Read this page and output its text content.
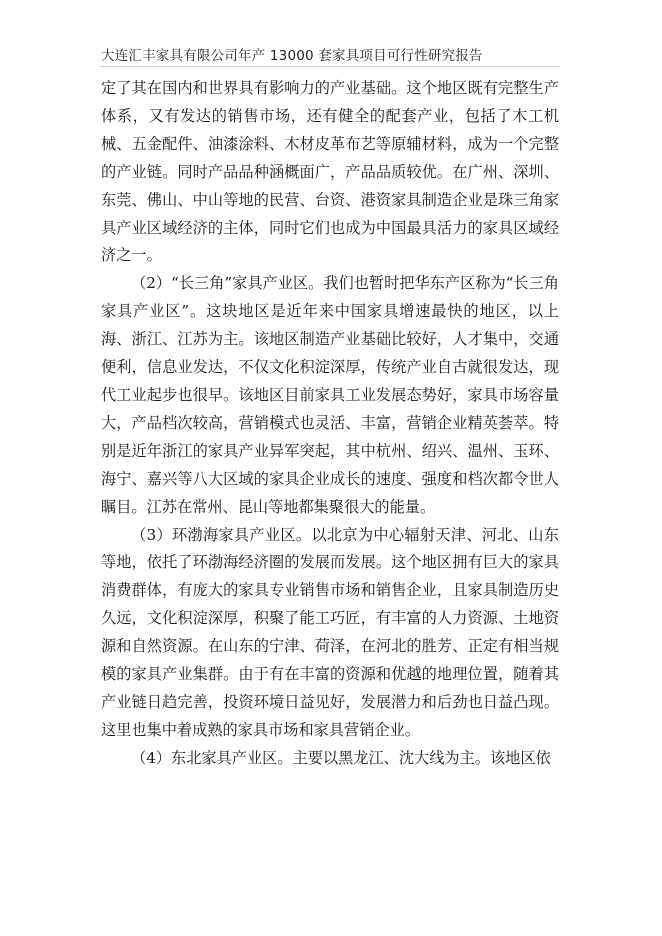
大连汇丰家具有限公司年产 13000 套家具项目可行性研究报告

定了其在国内和世界具有影响力的产业基础。这个地区既有完整生产体系，又有发达的销售市场，还有健全的配套产业，包括了木工机械、五金配件、油漆涂料、木材皮革布艺等原辅材料，成为一个完整的产业链。同时产品品种涵概面广，产品品质较优。在广州、深圳、东莞、佛山、中山等地的民营、台资、港资家具制造企业是珠三角家具产业区域经济的主体，同时它们也成为中国最具活力的家具区域经济之一。

（2）“长三角”家具产业区。我们也暂时把华东产区称为“长三角家具产业区”。这块地区是近年来中国家具增速最快的地区，以上海、浙江、江苏为主。该地区制造产业基础比较好，人才集中，交通便利，信息业发达，不仅文化积淀深厚，传统产业自古就很发达，现代工业起步也很早。该地区目前家具工业发展态势好，家具市场容量大，产品档次较高，营销模式也灵活、丰富，营销企业精英荟萃。特别是近年浙江的家具产业异军突起，其中杭州、绍兴、温州、玉环、海宁、嘉兴等八大区域的家具企业成长的速度、强度和档次都令世人瞩目。江苏在常州、昆山等地都集聚很大的能量。

（3）环渤海家具产业区。以北京为中心辐射天津、河北、山东等地，依托了环渤海经济圈的发展而发展。这个地区拥有巨大的家具消费群体，有庞大的家具专业销售市场和销售企业，且家具制造历史久远，文化积淀深厚，积聚了能工巧匠，有丰富的人力资源、土地资源和自然资源。在山东的宁津、荷泽，在河北的胜芳、正定有相当规模的家具产业集群。由于有在丰富的资源和优越的地理位置，随着其产业链日趋完善，投资环境日益见好，发展潜力和后劲也日益凸现。这里也集中着成熟的家具市场和家具营销企业。

（4）东北家具产业区。主要以黑龙江、沈大线为主。该地区依
